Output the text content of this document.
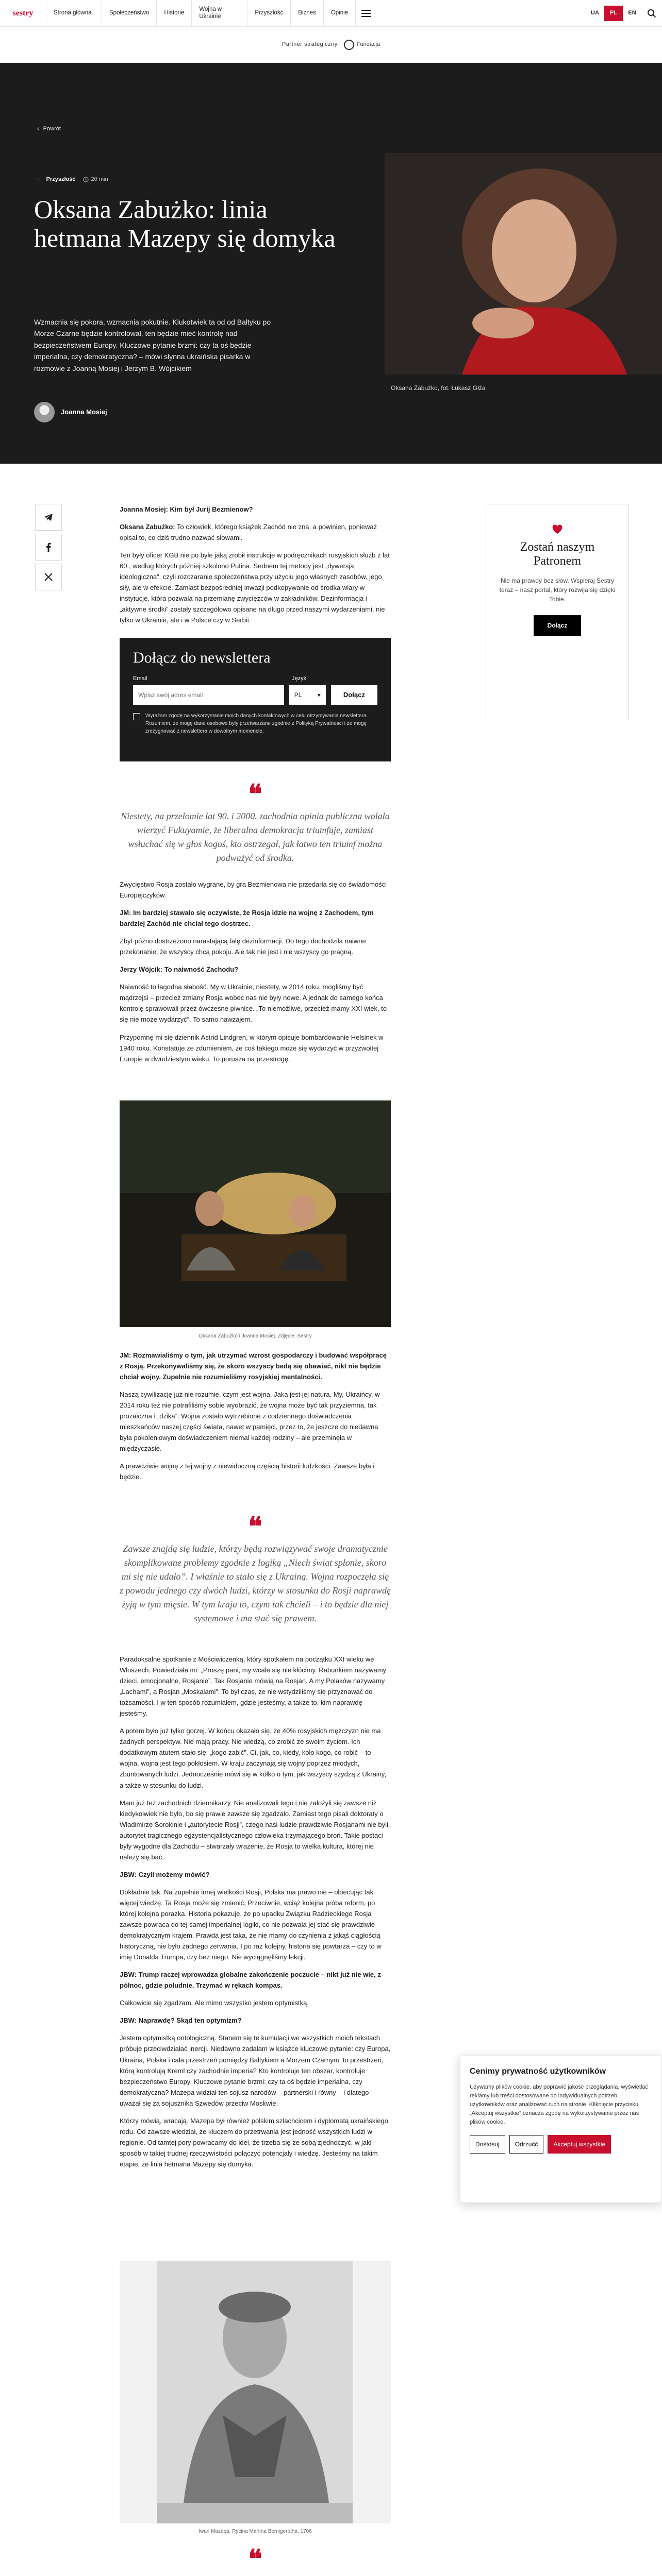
sestry	Strona główna	Społeczeństwo	Historie
Wojna w Ukrainie
Przyszłość	Biznes	Opinie	UA	PL	EN
Partner strategiczny	Fundacja
‹ Powrót
› Przyszłość	20 min
Oksana Zabużko: linia hetmana Mazepy się domyka

Wzmacnia się pokora, wzmacnia pokutnie. Klukotwiek ta od od Bałtyku po Morze Czarne będzie kontrolował, ten będzie mieć kontrolę nad bezpieczeństwem Europy. Kluczowe pytanie brzmi: czy ta oś będzie imperialna, czy demokratyczna? – mówi słynna ukraińska pisarka w rozmowie z Joanną Mosiej i Jerzym B. Wójcikiem

Joanna Mosiej
Oksana Zabużko, fot. Łukasz Głża
Zostań naszym Patronem
Nie ma prawdy bez słów. Wspieraj Sestry teraz – nasz portal, który rozwija się dzięki Tobie.
Dołącz

Joanna Mosiej: Kim był Jurij Bezmienow?

Oksana Zabużko: To człowiek, którego książek Zachód nie zna, a powinien, ponieważ opisał to, co dziś trudno nazwać słowami.

Ten były oficer KGB nie po byle jaką zrobił instrukcje w podręcznikach rosyjskich służb z lat 60., według których później szkolono Putina. Sednem tej metody jest „dywersja ideologiczna”, czyli rozczaranie społeczeństwa przy użyciu jego własnych zasobów, jego siły, ale w efekcie. Zamiast bezpośredniej inwazji podkopywanie od środka wiary w instytucje, która pozwala na przemianę zwycięzców w zakładników. Dezinformacja i „aktywne środki” zostały szczegółowo opisane na długo przed naszymi wydarzeniami, nie tylko w Ukrainie, ale i w Polsce czy w Serbii.

Dołącz do newslettera
Email	Język
Wpisz swój adres email
PL	▾	Dołącz
Wyrażam zgodę na wykorzystanie moich danych kontaktowych w celu otrzymywania newslettera. Rozumiem, że mogę dane osobowe były przetwarzane zgodnie z Polityką Prywatności i że mogę zrezygnować z newslettera w dowolnym momencie.
❝
Niestety, na przełomie lat 90. i 2000. zachodnia opinia publiczna wolała wierzyć Fukuyamie, że liberalna demokracja triumfuje, zamiast wsłuchać się w głos kogoś, kto ostrzegał, jak łatwo ten triumf można podważyć od środka.

Zwycięstwo Rosja zostało wygrane, by gra Bezmienowa nie przedarła się do świadomości Europejczyków.

JM: Im bardziej stawało się oczywiste, że Rosja idzie na wojnę z Zachodem, tym bardziej Zachód nie chciał tego dostrzec.

Zbyt późno dostrzeżono narastającą falę dezinformacji. Do tego dochodziła naiwne przekonanie, że wszyscy chcą pokoju. Ale tak nie jest i nie wszyscy go pragną.

Jerzy Wójcik: To naiwność Zachodu?

Naiwność to łagodna słabość. My w Ukrainie, niestety, w 2014 roku, mogliśmy być mądrzejsi – przecież zmiany Rosja wobec nas nie były nowe. A jednak do samego końca kontrolę sprawowali przez ówczesne piwnice. „To niemożliwe, przecież mamy XXI wiek, to się nie może wydarzyć”. To samo nawzajem.

Przypomnę mi się dziennik Astrid Lindgren, w którym opisuje bombardowanie Helsinek w 1940 roku. Konstatuje ze zdumieniem, że coś takiego może się wydarzyć w przyzwoitej Europie w dwudziestym wieku. To porusza na przestrogę.

Oksana Zabużko i Joanna Mosiej. Zdjęcie: Sestry

JM: Rozmawialiśmy o tym, jak utrzymać wzrost gospodarczy i budować współpracę z Rosją. Przekonywaliśmy się, że skoro wszyscy bedą się obawiać, nikt nie będzie chciał wojny. Zupełnie nie rozumieliśmy rosyjskiej mentalności.

Naszą cywilizację już nie rozumie, czym jest wojna. Jaka jest jej natura. My, Ukraińcy, w 2014 roku też nie potrafiliśmy sobie wyobrazić, że wojna może być tak przyziemna, tak prozaiczna i „dzika”. Wojna zostało wytrzebione z codziennego doświadczenia mieszkańców naszej części świata, nawet w pamięci, przez to, że jeszcze do niedawna była pokoleniowym doświadczeniem niemal każdej rodziny – ale przeminęła w międzyczasie.

A prawdziwie wojnę z tej wojny z niewidoczną częścią historii ludzkości. Zawsze była i będzie.

❝
Zawsze znajdą się ludzie, którzy będą rozwiązywać swoje dramatycznie skomplikowane problemy zgodnie z logiką „Niech świat spłonie, skoro mi się nie udało”. I właśnie to stało się z Ukrainą. Wojna rozpoczęła się z powodu jednego czy dwóch ludzi, którzy w stosunku do Rosji naprawdę żyją w tym mięsie. W tym kraju to, czym tak chcieli – i to będzie dla niej systemowe i ma stać się prawem.

Paradoksalne spotkanie z Mościwiczenką, który spotkałem na początku XXI wieku we Włoszech. Powiedziała mi: „Proszę pani, my wcale się nie kłócimy. Rabunkiem nazywamy dzieci, emocjonalne, Rosjanie”. Tak Rosjanie mówią na Rosjan. A my Polaków nazywamy „Lachami”, a Rosjan „Moskalami”. To był czas, że nie wstydziliśmy się przyznawać do tożsamości. I w ten sposób rozumiałem, gdzie jesteśmy, a także to, kim naprawdę jesteśmy.

A potem było już tylko gorzej. W końcu okazało się, że 40% rosyjskich mężczyzn nie ma żadnych perspektyw. Nie mają pracy. Nie wiedzą, co zrobić ze swoim życiem. Ich dodatkowym atutem stało się: „kogo zabić”. Ci, jak, co, kiedy, koło kogo, co robić – to wojna, wojna jest tego pokłosiem. W kraju zaczynają się wojny poprzez młodych, zbuntowanych ludzi. Jednocześnie mówi się w kółko o tym, jak wszyscy szydzą z Ukrainy, a także w stosunku do ludzi.

Mam już też zachodnich dziennikarzy. Nie analizowali tego i nie założyli się zawsze niż kiedykolwiek nie było, bo się prawie zawsze się zgadzało. Zamiast tego pisali doktoraty o Władimirze Sorokinie i „autorytecie Rosji”, czego nasi ludzie prawdziwie Rosjanami nie byli, autorytet tragicznego egzystencjalistycznego człowieka trzymającego broń. Takie postaci były wygodne dla Zachodu – stwarzały wrażenie, że Rosja to wielka kultura, której nie należy się bać.

JBW: Czyli możemy mówić?

Dokładnie tak. Na zupełnie innej wielkości Rosji, Polska ma prawo nie – obiecując tak więcej wiedzę. Ta Rosja może się zmienić, Przeciwnie, wciąż kolejna próba reform, po której kolejna porażka. Historia pokazuje, że po upadku Związku Radzieckiego Rosja zawsze powraca do tej samej imperialnej logiki, co nie pozwala jej stać się prawdziwie demokratycznym krajem. Prawda jest taka, że nie mamy do czynienia z jakąś ciągłością historyczną, nie było żadnego zerwania. I po raz kolejny, historia się powtarza – czy to w imię Donalda Trumpa, czy bez niego. Nie wyciągnęliśmy lekcji.

JBW: Trump raczej wprowadza globalne zakończenie poczucie – nikt już nie wie, z północ, gdzie południe. Trzymać w rękach kompas.

Całkowicie się zgadzam. Ale mimo wszystko jestem optymistką.

JBW: Naprawdę? Skąd ten optymizm?

Jestem optymistką ontologiczną. Stanem się te kumulacji we wszystkich moich tekstach próbuje przeciwdziałać inercji. Niedawno zadałam w książce kluczowe pytanie: czy Europa, Ukraina, Polska i cała przestrzeń pomiędzy Bałtykiem a Morzem Czarnym, to przestrzeń, którą kontrolują Kreml czy zachodnie imperia? Kto kontroluje ten obszar, kontroluje bezpieczeństwo Europy. Kluczowe pytanie brzmi: czy ta oś będzie imperialna, czy demokratyczna? Mazepa widział ten sojusz narodów – partnerski i równy – i dlatego uważał się za sojusznika Szwedów przeciw Moskwie.

Którzy mówią, wracają. Mazepa był również polskim szlachcicem i dyplomatą ukraińskiego rodu. Od zawsze wiedział, że kluczem do przetrwania jest jedność wszystkich ludzi w regionie. Od tamtej pory powracamy do idei, że trzeba się ze sobą zjednoczyć, w jaki sposób w takiej trudnej rzeczywistości połączyć potencjały i wiedzę. Jesteśmy na takim etapie, że linia hetmana Mazepy się domyka.

Iwan Mazepa. Rycina Martina Bernigerotha, 1706
❝

Cenimy prywatność użytkowników
Używamy plików cookie, aby poprawić jakość przeglądania, wyświetlać reklamy lub treści dostosowane do indywidualnych potrzeb użytkowników oraz analizować ruch na stronie. Kliknięcie przycisku „Akceptuj wszystkie” oznacza zgodę na wykorzystywanie przez nas plików cookie.
Dostosuj	Odrzućć	Akceptuj wszystkie
